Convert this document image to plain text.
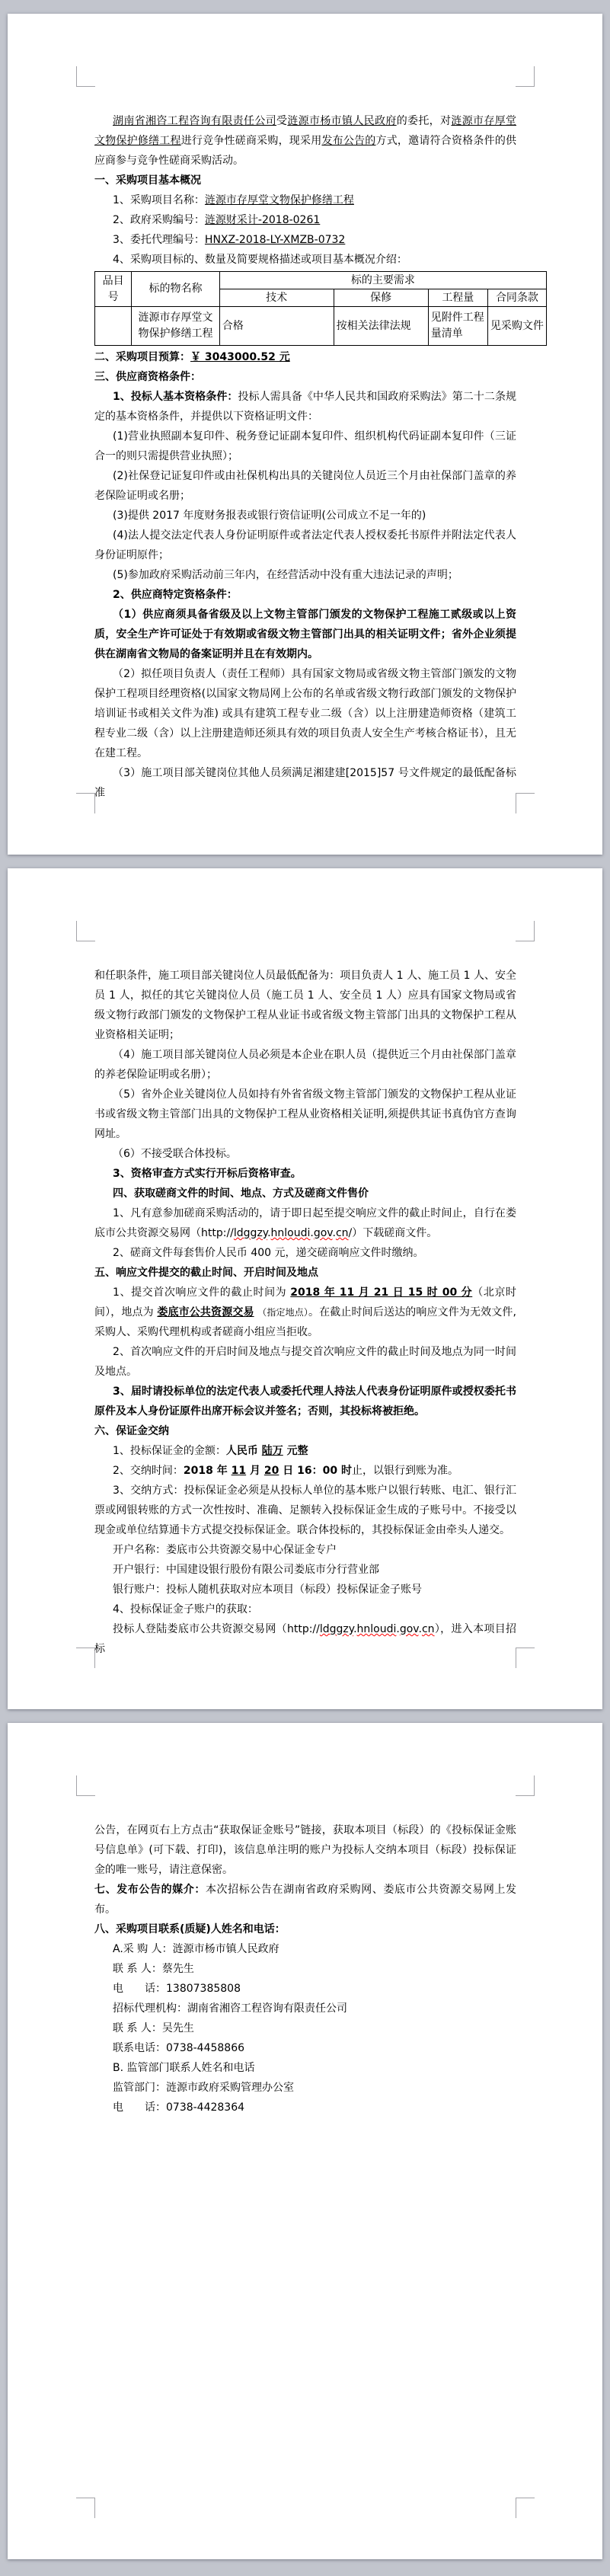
湖南省湘咨工程咨询有限责任公司受涟源市杨市镇人民政府的委托，对涟源市存厚堂文物保护修缮工程进行竞争性磋商采购，现采用发布公告的方式，邀请符合资格条件的供应商参与竞争性磋商采购活动。
一、采购项目基本概况
1、采购项目名称：涟源市存厚堂文物保护修缮工程
2、政府采购编号：涟源财采计-2018-0261
3、委托代理编号：HNXZ-2018-LY-XMZB-0732
4、采购项目标的、数量及简要规格描述或项目基本概况介绍：
品目号	标的物名称	标的主要需求			
		技术	保修	工程量	合同条款
	涟源市存厚堂文物保护修缮工程	合格	按相关法律法规	见附件工程量清单	见采购文件
二、采购项目预算：￥ 3043000.52 元
三、供应商资格条件：
1、投标人基本资格条件：投标人需具备《中华人民共和国政府采购法》第二十二条规定的基本资格条件，并提供以下资格证明文件：
(1)营业执照副本复印件、税务登记证副本复印件、组织机构代码证副本复印件（三证合一的则只需提供营业执照）；
(2)社保登记证复印件或由社保机构出具的关键岗位人员近三个月由社保部门盖章的养老保险证明或名册；
(3)提供 2017 年度财务报表或银行资信证明(公司成立不足一年的)
(4)法人提交法定代表人身份证明原件或者法定代表人授权委托书原件并附法定代表人身份证明原件；
(5)参加政府采购活动前三年内，在经营活动中没有重大违法记录的声明；
2、供应商特定资格条件：
（1）供应商须具备省级及以上文物主管部门颁发的文物保护工程施工贰级或以上资质，安全生产许可证处于有效期或省级文物主管部门出具的相关证明文件；省外企业须提供在湖南省文物局的备案证明并且在有效期内。
（2）拟任项目负责人（责任工程师）具有国家文物局或省级文物主管部门颁发的文物保护工程项目经理资格(以国家文物局网上公布的名单或省级文物行政部门颁发的文物保护培训证书或相关文件为准) 或具有建筑工程专业二级（含）以上注册建造师资格（建筑工程专业二级（含）以上注册建造师还须具有效的项目负责人安全生产考核合格证书），且无在建工程。
（3）施工项目部关键岗位其他人员须满足湘建建[2015]57 号文件规定的最低配备标准
和任职条件，施工项目部关键岗位人员最低配备为：项目负责人 1 人、施工员 1 人、安全员 1 人，拟任的其它关键岗位人员（施工员 1 人、安全员 1 人）应具有国家文物局或省级文物行政部门颁发的文物保护工程从业证书或省级文物主管部门出具的文物保护工程从业资格相关证明；
（4）施工项目部关键岗位人员必须是本企业在职人员（提供近三个月由社保部门盖章的养老保险证明或名册）；
（5）省外企业关键岗位人员如持有外省省级文物主管部门颁发的文物保护工程从业证书或省级文物主管部门出具的文物保护工程从业资格相关证明,须提供其证书真伪官方查询网址。
（6）不接受联合体投标。
3、资格审查方式实行开标后资格审查。
四、获取磋商文件的时间、地点、方式及磋商文件售价
1、凡有意参加磋商采购活动的，请于即日起至提交响应文件的截止时间止，自行在娄底市公共资源交易网（http://ldggzy.hnloudi.gov.cn/）下载磋商文件。
2、磋商文件每套售价人民币 400 元，递交磋商响应文件时缴纳。
五、响应文件提交的截止时间、开启时间及地点
1、提交首次响应文件的截止时间为 2018 年 11 月 21 日 15 时 00 分（北京时间），地点为 娄底市公共资源交易 （指定地点）。在截止时间后送达的响应文件为无效文件,采购人、采购代理机构或者磋商小组应当拒收。
2、首次响应文件的开启时间及地点与提交首次响应文件的截止时间及地点为同一时间及地点。
3、届时请投标单位的法定代表人或委托代理人持法人代表身份证明原件或授权委托书原件及本人身份证原件出席开标会议并签名；否则，其投标将被拒绝。
六、保证金交纳
1、投标保证金的金额：人民币 陆万 元整
2、交纳时间：2018 年 11 月 20 日 16：00 时止，以银行到账为准。
3、交纳方式：投标保证金必须是从投标人单位的基本账户以银行转账、电汇、银行汇票或网银转账的方式一次性按时、准确、足额转入投标保证金生成的子账号中。不接受以现金或单位结算通卡方式提交投标保证金。联合体投标的，其投标保证金由牵头人递交。
开户名称：娄底市公共资源交易中心保证金专户
开户银行：中国建设银行股份有限公司娄底市分行营业部
银行账户：投标人随机获取对应本项目（标段）投标保证金子账号
4、投标保证金子账户的获取：
投标人登陆娄底市公共资源交易网（http://ldggzy.hnloudi.gov.cn），进入本项目招标
公告，在网页右上方点击“获取保证金账号”链接，获取本项目（标段）的《投标保证金账号信息单》(可下载、打印)，该信息单注明的账户为投标人交纳本项目（标段）投标保证金的唯一账号，请注意保密。
七、发布公告的媒介：本次招标公告在湖南省政府采购网、娄底市公共资源交易网上发布。
八、采购项目联系(质疑)人姓名和电话：
A.采 购 人：涟源市杨市镇人民政府
联 系 人：蔡先生
电　　话：13807385808
招标代理机构：湖南省湘咨工程咨询有限责任公司
联 系 人：吴先生
联系电话：0738-4458866
B. 监管部门联系人姓名和电话
监管部门：涟源市政府采购管理办公室
电　　话：0738-4428364
